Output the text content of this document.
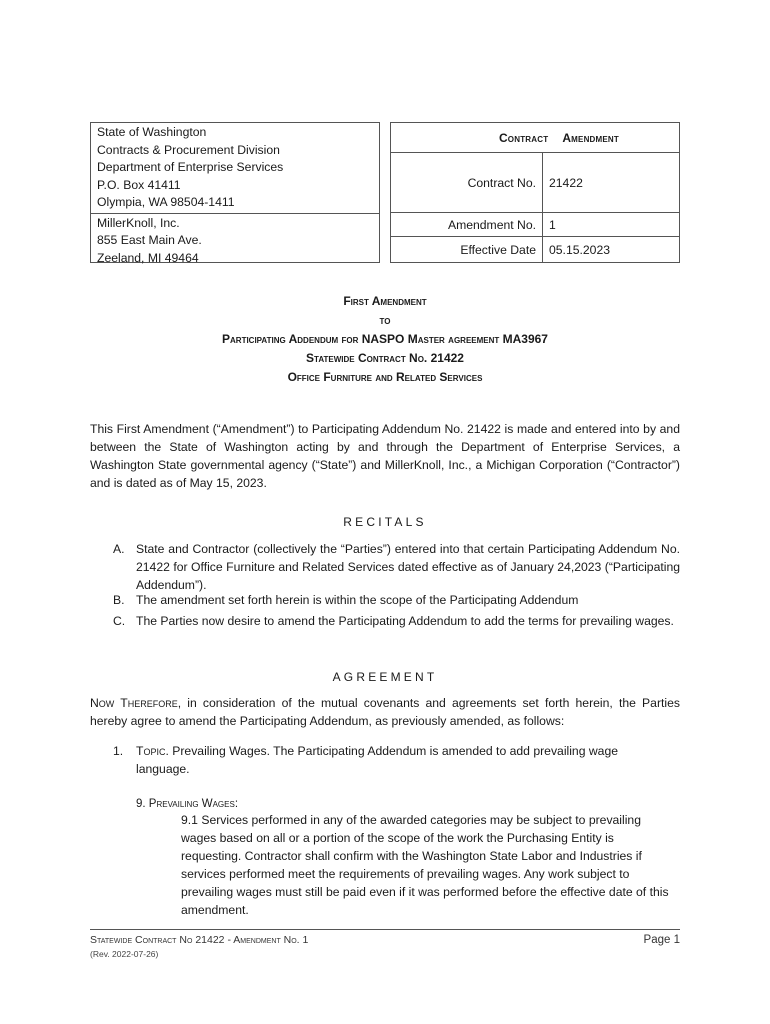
State of Washington
Contracts & Procurement Division
Department of Enterprise Services
P.O. Box 41411
Olympia, WA 98504-1411
MillerKnoll, Inc.
855 East Main Ave.
Zeeland, MI 49464
Contract Amendment
Contract No.	21422
Amendment No.	1
Effective Date	05.15.2023
First Amendment
to
Participating Addendum for NASPO Master agreement MA3967
Statewide Contract No. 21422
Office Furniture and Related Services
This First Amendment (“Amendment”) to Participating Addendum No. 21422 is made and entered into by and between the State of Washington acting by and through the Department of Enterprise Services, a Washington State governmental agency (“State”) and MillerKnoll, Inc., a Michigan Corporation (“Contractor”) and is dated as of May 15, 2023.
RECITALS
A. State and Contractor (collectively the “Parties”) entered into that certain Participating Addendum No. 21422 for Office Furniture and Related Services dated effective as of January 24,2023 (“Participating Addendum”).
B. The amendment set forth herein is within the scope of the Participating Addendum
C. The Parties now desire to amend the Participating Addendum to add the terms for prevailing wages.
AGREEMENT
Now Therefore, in consideration of the mutual covenants and agreements set forth herein, the Parties hereby agree to amend the Participating Addendum, as previously amended, as follows:
1. Topic. Prevailing Wages. The Participating Addendum is amended to add prevailing wage language.
9. Prevailing Wages:
9.1 Services performed in any of the awarded categories may be subject to prevailing wages based on all or a portion of the scope of the work the Purchasing Entity is requesting. Contractor shall confirm with the Washington State Labor and Industries if services performed meet the requirements of prevailing wages. Any work subject to prevailing wages must still be paid even if it was performed before the effective date of this amendment.
Statewide Contract No 21422 - Amendment No. 1
(Rev. 2022-07-26)
Page 1
